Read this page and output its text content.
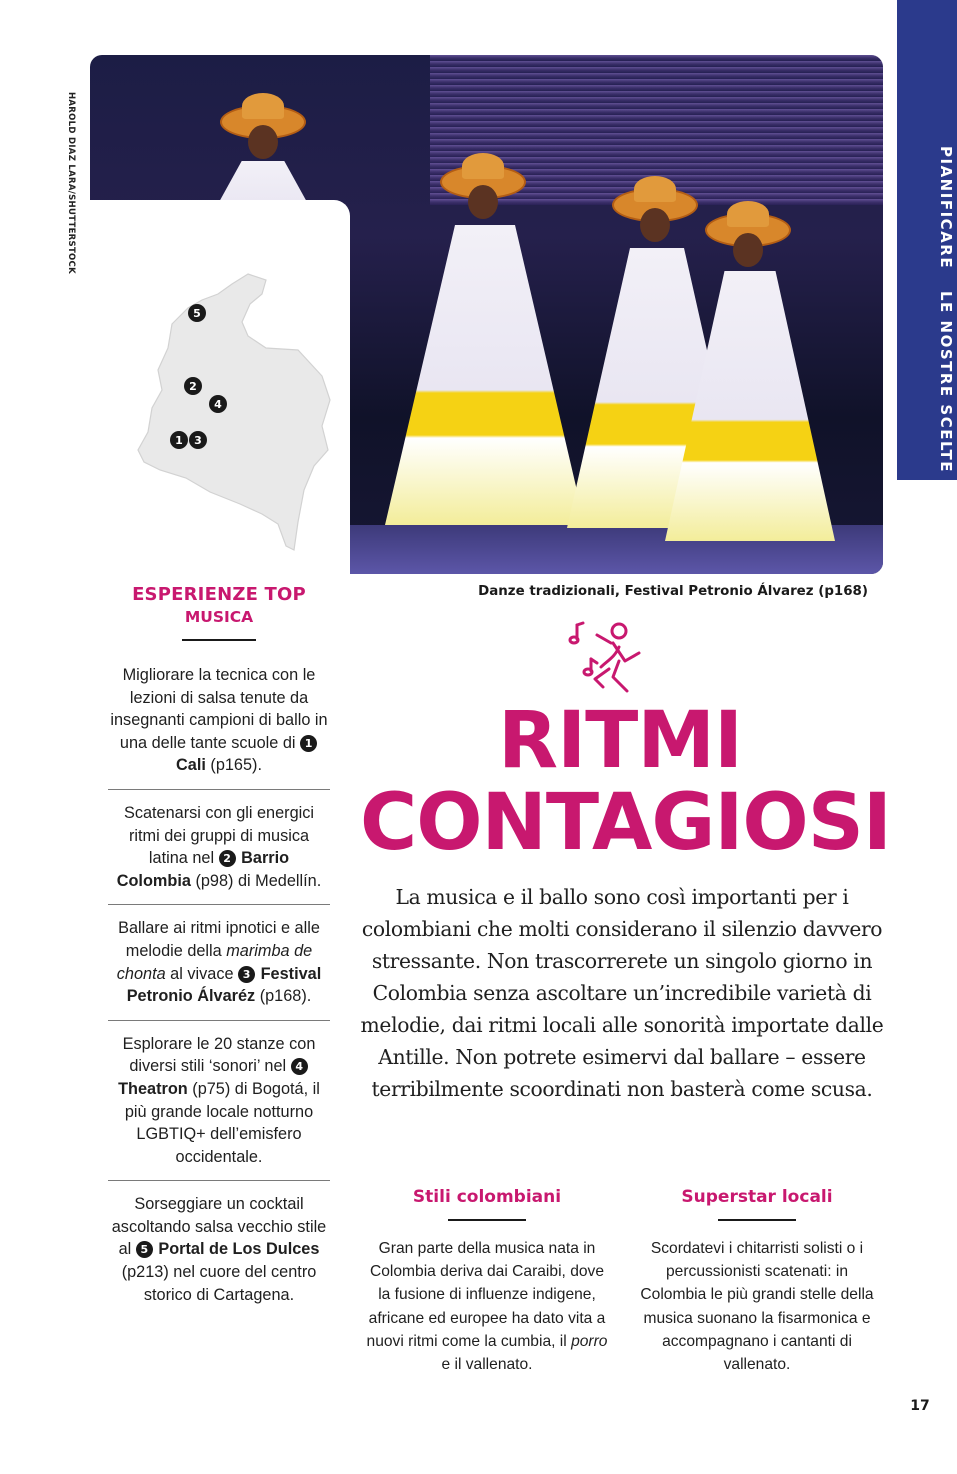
PIANIFICARE
LE NOSTRE SCELTE
HAROLD DIAZ LARA/SHUTTERSTOCK
5
2
4
1 3
Danze tradizionali, Festival Petronio Álvarez (p168)
ESPERIENZE TOP
MUSICA
Migliorare la tecnica con le lezioni di salsa tenute da insegnanti campioni di ballo in una delle tante scuole di 1 Cali (p165).
Scatenarsi con gli energici ritmi dei gruppi di musica latina nel 2 Barrio Colombia (p98) di Medellín.
Ballare ai ritmi ipnotici e alle melodie della marimba de chonta al vivace 3 Festival Petronio Álvaréz (p168).
Esplorare le 20 stanze con diversi stili ‘sonori’ nel 4 Theatron (p75) di Bogotá, il più grande locale notturno LGBTIQ+ dell’emisfero occidentale.
Sorseggiare un cocktail ascoltando salsa vecchio stile al 5 Portal de Los Dulces (p213) nel cuore del centro storico di Cartagena.
RITMI
CONTAGIOSI
La musica e il ballo sono così importanti per i colombiani che molti considerano il silenzio davvero stressante. Non trascorrerete un singolo giorno in Colombia senza ascoltare un’incredibile varietà di melodie, dai ritmi locali alle sonorità importate dalle Antille. Non potrete esimervi dal ballare – essere terribilmente scoordinati non basterà come scusa.
Stili colombiani

Gran parte della musica nata in Colombia deriva dai Caraibi, dove la fusione di influenze indigene, africane ed europee ha dato vita a nuovi ritmi come la cumbia, il porro e il vallenato.

Superstar locali

Scordatevi i chitarristi solisti o i percussionisti scatenati: in Colombia le più grandi stelle della musica suonano la fisarmonica e accompagnano i cantanti di vallenato.

17
